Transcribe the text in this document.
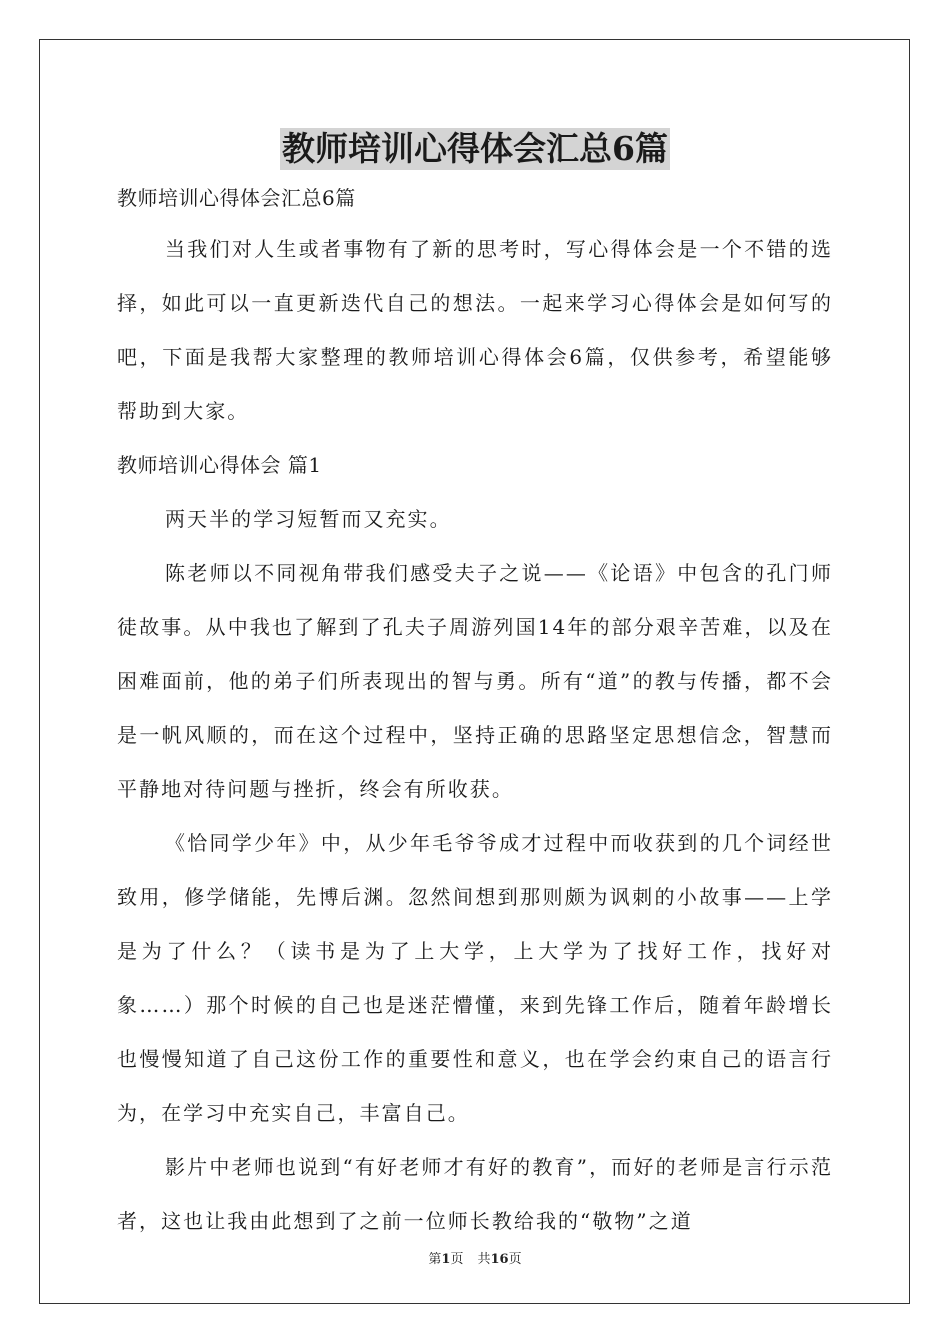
教师培训心得体会汇总6篇
教师培训心得体会汇总6篇

当我们对人生或者事物有了新的思考时，写心得体会是一个不错的选择，如此可以一直更新迭代自己的想法。一起来学习心得体会是如何写的吧，下面是我帮大家整理的教师培训心得体会6篇，仅供参考，希望能够帮助到大家。

教师培训心得体会 篇1

两天半的学习短暂而又充实。

陈老师以不同视角带我们感受夫子之说——《论语》中包含的孔门师徒故事。从中我也了解到了孔夫子周游列国14年的部分艰辛苦难，以及在困难面前，他的弟子们所表现出的智与勇。所有“道”的教与传播，都不会是一帆风顺的，而在这个过程中，坚持正确的思路坚定思想信念，智慧而平静地对待问题与挫折，终会有所收获。

《恰同学少年》中，从少年毛爷爷成才过程中而收获到的几个词经世致用，修学储能，先博后渊。忽然间想到那则颇为讽刺的小故事——上学是为了什么？（读书是为了上大学，上大学为了找好工作，找好对象……）那个时候的自己也是迷茫懵懂，来到先锋工作后，随着年龄增长也慢慢知道了自己这份工作的重要性和意义，也在学会约束自己的语言行为，在学习中充实自己，丰富自己。

影片中老师也说到“有好老师才有好的教育”，而好的老师是言行示范者，这也让我由此想到了之前一位师长教给我的“敬物”之道

第1页 共16页
